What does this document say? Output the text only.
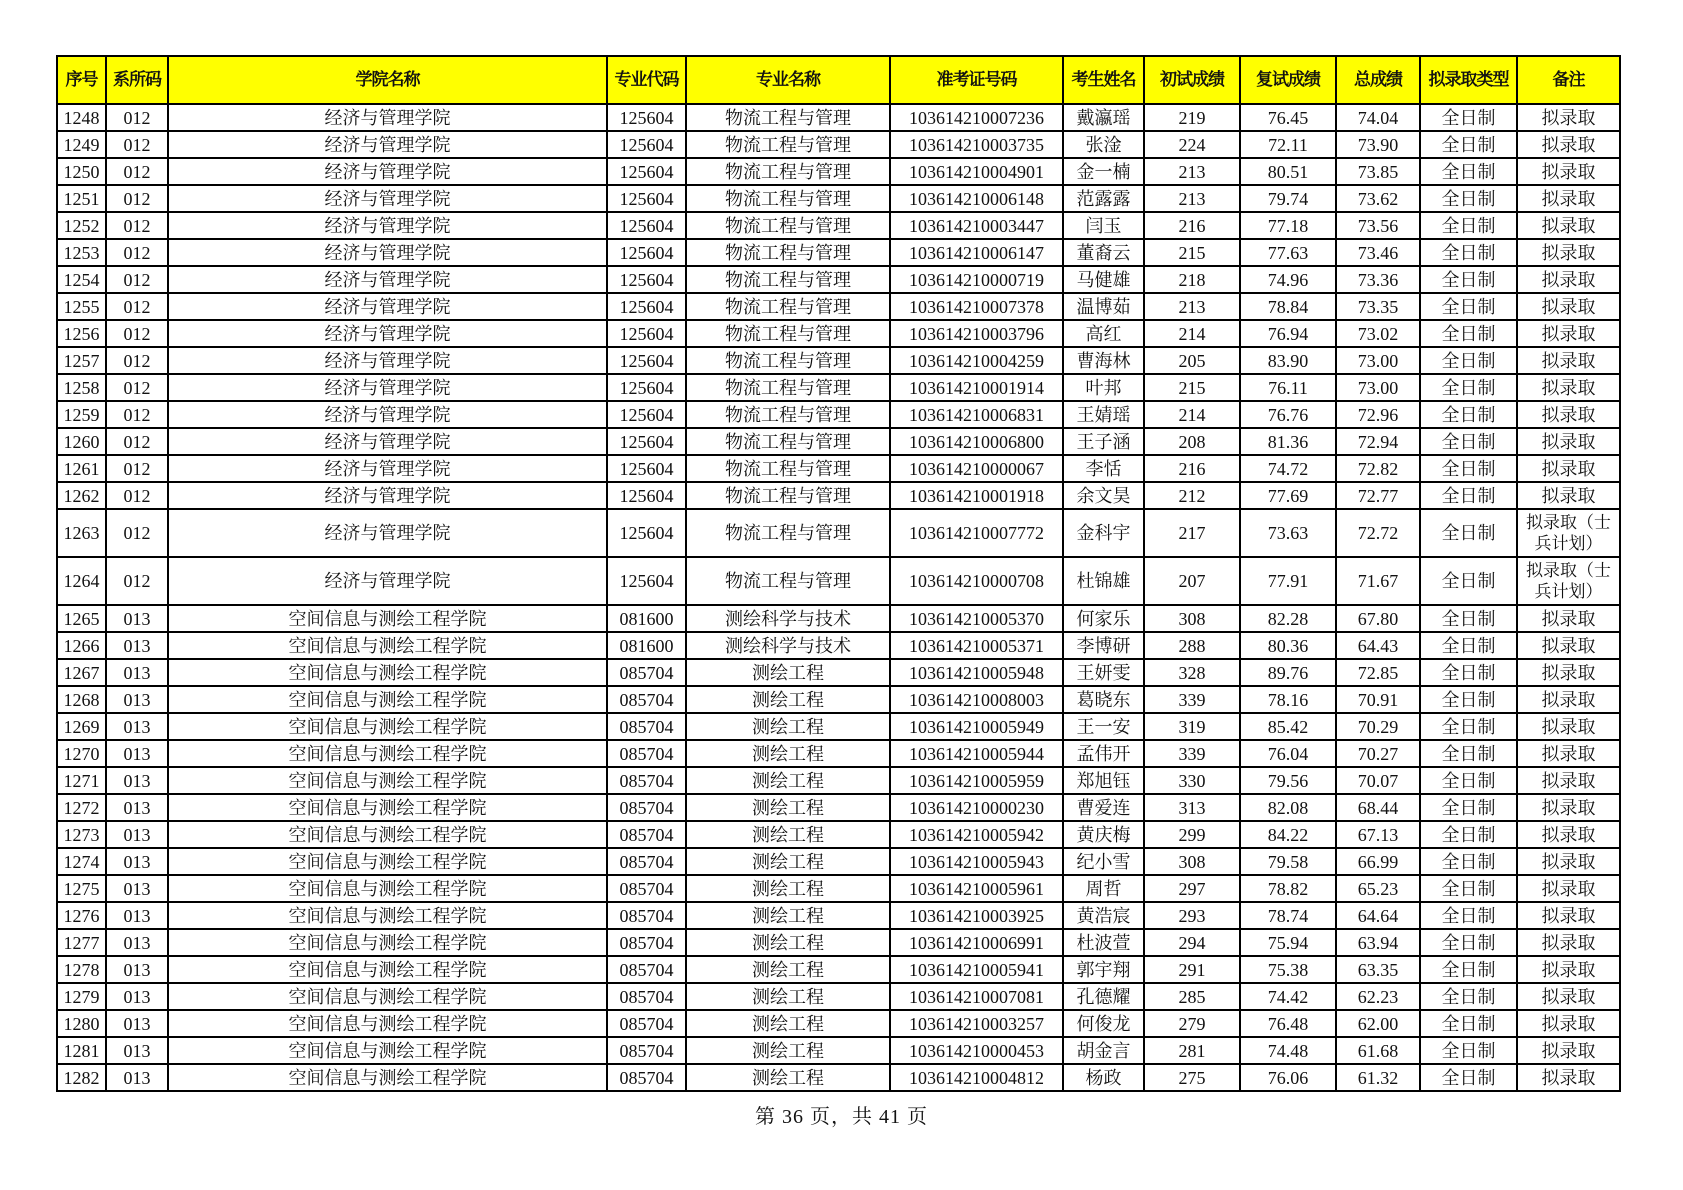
序号	系所码	学院名称	专业代码	专业名称	准考证号码	考生姓名	初试成绩	复试成绩	总成绩	拟录取类型	备注
1248	012	经济与管理学院	125604	物流工程与管理	103614210007236	戴瀛瑶	219	76.45	74.04	全日制	拟录取
1249	012	经济与管理学院	125604	物流工程与管理	103614210003735	张淦	224	72.11	73.90	全日制	拟录取
1250	012	经济与管理学院	125604	物流工程与管理	103614210004901	金一楠	213	80.51	73.85	全日制	拟录取
1251	012	经济与管理学院	125604	物流工程与管理	103614210006148	范露露	213	79.74	73.62	全日制	拟录取
1252	012	经济与管理学院	125604	物流工程与管理	103614210003447	闫玉	216	77.18	73.56	全日制	拟录取
1253	012	经济与管理学院	125604	物流工程与管理	103614210006147	董裔云	215	77.63	73.46	全日制	拟录取
1254	012	经济与管理学院	125604	物流工程与管理	103614210000719	马健雄	218	74.96	73.36	全日制	拟录取
1255	012	经济与管理学院	125604	物流工程与管理	103614210007378	温博茹	213	78.84	73.35	全日制	拟录取
1256	012	经济与管理学院	125604	物流工程与管理	103614210003796	高红	214	76.94	73.02	全日制	拟录取
1257	012	经济与管理学院	125604	物流工程与管理	103614210004259	曹海林	205	83.90	73.00	全日制	拟录取
1258	012	经济与管理学院	125604	物流工程与管理	103614210001914	叶邦	215	76.11	73.00	全日制	拟录取
1259	012	经济与管理学院	125604	物流工程与管理	103614210006831	王婧瑶	214	76.76	72.96	全日制	拟录取
1260	012	经济与管理学院	125604	物流工程与管理	103614210006800	王子涵	208	81.36	72.94	全日制	拟录取
1261	012	经济与管理学院	125604	物流工程与管理	103614210000067	李恬	216	74.72	72.82	全日制	拟录取
1262	012	经济与管理学院	125604	物流工程与管理	103614210001918	余文昊	212	77.69	72.77	全日制	拟录取
1263	012	经济与管理学院	125604	物流工程与管理	103614210007772	金科宇	217	73.63	72.72	全日制	拟录取（士兵计划）
1264	012	经济与管理学院	125604	物流工程与管理	103614210000708	杜锦雄	207	77.91	71.67	全日制	拟录取（士兵计划）
1265	013	空间信息与测绘工程学院	081600	测绘科学与技术	103614210005370	何家乐	308	82.28	67.80	全日制	拟录取
1266	013	空间信息与测绘工程学院	081600	测绘科学与技术	103614210005371	李博研	288	80.36	64.43	全日制	拟录取
1267	013	空间信息与测绘工程学院	085704	测绘工程	103614210005948	王妍雯	328	89.76	72.85	全日制	拟录取
1268	013	空间信息与测绘工程学院	085704	测绘工程	103614210008003	葛晓东	339	78.16	70.91	全日制	拟录取
1269	013	空间信息与测绘工程学院	085704	测绘工程	103614210005949	王一安	319	85.42	70.29	全日制	拟录取
1270	013	空间信息与测绘工程学院	085704	测绘工程	103614210005944	孟伟开	339	76.04	70.27	全日制	拟录取
1271	013	空间信息与测绘工程学院	085704	测绘工程	103614210005959	郑旭钰	330	79.56	70.07	全日制	拟录取
1272	013	空间信息与测绘工程学院	085704	测绘工程	103614210000230	曹爱连	313	82.08	68.44	全日制	拟录取
1273	013	空间信息与测绘工程学院	085704	测绘工程	103614210005942	黄庆梅	299	84.22	67.13	全日制	拟录取
1274	013	空间信息与测绘工程学院	085704	测绘工程	103614210005943	纪小雪	308	79.58	66.99	全日制	拟录取
1275	013	空间信息与测绘工程学院	085704	测绘工程	103614210005961	周哲	297	78.82	65.23	全日制	拟录取
1276	013	空间信息与测绘工程学院	085704	测绘工程	103614210003925	黄浩宸	293	78.74	64.64	全日制	拟录取
1277	013	空间信息与测绘工程学院	085704	测绘工程	103614210006991	杜波萱	294	75.94	63.94	全日制	拟录取
1278	013	空间信息与测绘工程学院	085704	测绘工程	103614210005941	郭宇翔	291	75.38	63.35	全日制	拟录取
1279	013	空间信息与测绘工程学院	085704	测绘工程	103614210007081	孔德耀	285	74.42	62.23	全日制	拟录取
1280	013	空间信息与测绘工程学院	085704	测绘工程	103614210003257	何俊龙	279	76.48	62.00	全日制	拟录取
1281	013	空间信息与测绘工程学院	085704	测绘工程	103614210000453	胡金言	281	74.48	61.68	全日制	拟录取
1282	013	空间信息与测绘工程学院	085704	测绘工程	103614210004812	杨政	275	76.06	61.32	全日制	拟录取
第 36 页，共 41 页
